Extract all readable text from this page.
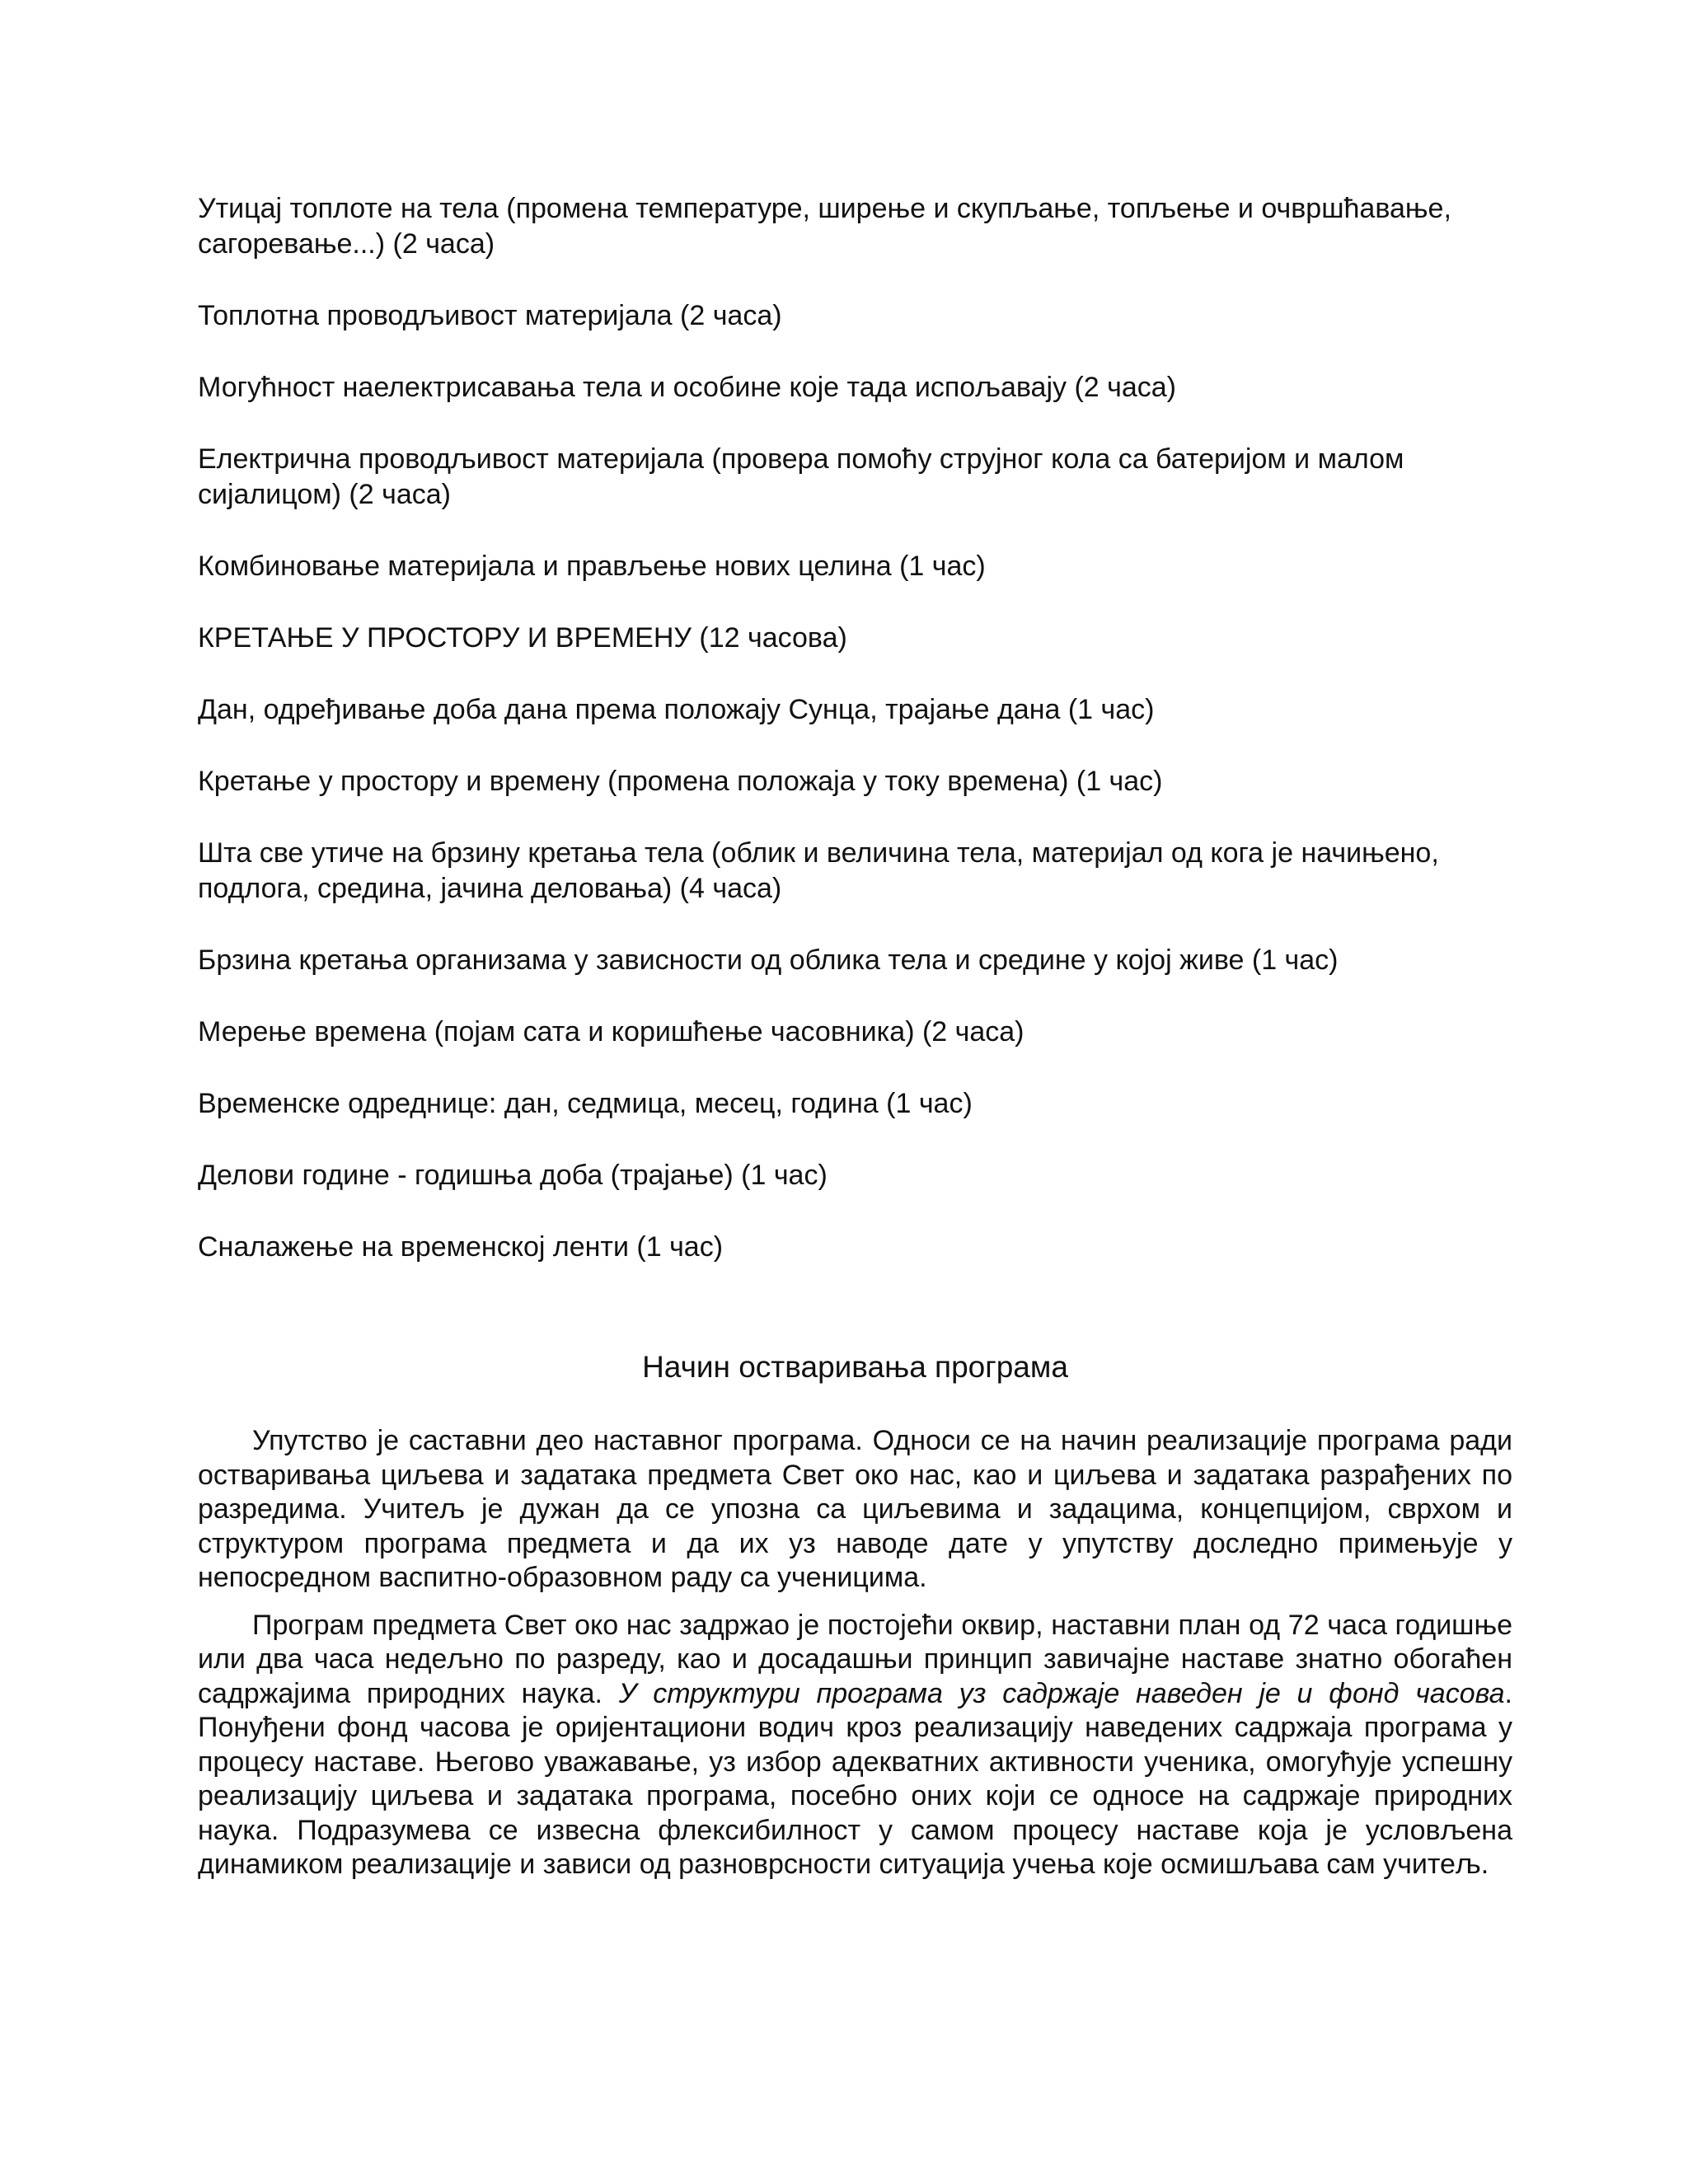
Утицај топлоте на тела (промена температуре, ширење и скупљање, топљење и очвршћавање, сагоревање...) (2 часа)

Топлотна проводљивост материјала (2 часа)

Могућност наелектрисавања тела и особине које тада испољавају (2 часа)

Електрична проводљивост материјала (провера помоћу струјног кола са батеријом и малом сијалицом) (2 часа)

Комбиновање материјала и прављење нових целина (1 час)

КРЕТАЊЕ У ПРОСТОРУ И ВРЕМЕНУ (12 часова)

Дан, одређивање доба дана према положају Сунца, трајање дана (1 час)

Кретање у простору и времену (промена положаја у току времена) (1 час)

Шта све утиче на брзину кретања тела (облик и величина тела, материјал од кога је начињено, подлога, средина, јачина деловања) (4 часа)

Брзина кретања организама у зависности од облика тела и средине у којој живе (1 час)

Мерење времена (појам сата и коришћење часовника) (2 часа)

Временске одреднице: дан, седмица, месец, година (1 час)

Делови године - годишња доба (трајање) (1 час)

Сналажење на временској ленти (1 час)

Начин остваривања програма

Упутство је саставни део наставног програма. Односи се на начин реализације програма ради остваривања циљева и задатака предмета Свет око нас, као и циљева и задатака разрађених по разредима. Учитељ је дужан да се упозна са циљевима и задацима, концепцијом, сврхом и структуром програма предмета и да их уз наводе дате у упутству доследно примењује у непосредном васпитно-образовном раду са ученицима.

Програм предмета Свет око нас задржао је постојећи оквир, наставни план од 72 часа годишње или два часа недељно по разреду, као и досадашњи принцип завичајне наставе знатно обогаћен садржајима природних наука. У структури програма уз садржаје наведен је и фонд часова. Понуђени фонд часова је оријентациони водич кроз реализацију наведених садржаја програма у процесу наставе. Његово уважавање, уз избор адекватних активности ученика, омогућује успешну реализацију циљева и задатака програма, посебно оних који се односе на садржаје природних наука. Подразумева се извесна флексибилност у самом процесу наставе која је условљена динамиком реализације и зависи од разноврсности ситуација учења које осмишљава сам учитељ.
